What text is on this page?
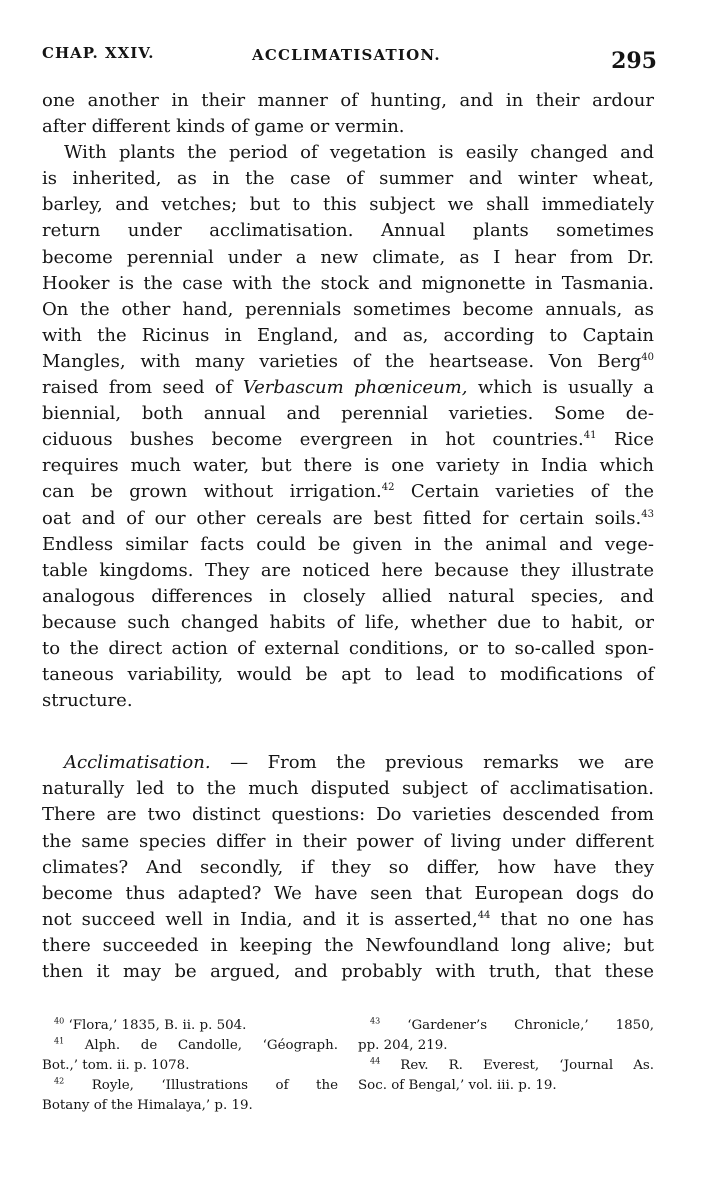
CHAP. XXIV.	ACCLIMATISATION.	295
one another in their manner of hunting, and in their ardour
after different kinds of game or vermin.
With plants the period of vegetation is easily changed and
is inherited, as in the case of summer and winter wheat,
barley, and vetches; but to this subject we shall immediately
return under acclimatisation. Annual plants sometimes
become perennial under a new climate, as I hear from Dr.
Hooker is the case with the stock and mignonette in Tasmania.
On the other hand, perennials sometimes become annuals, as
with the Ricinus in England, and as, according to Captain
Mangles, with many varieties of the heartsease. Von Berg$^{40}$
raised from seed of Verbascum phœniceum, which is usually a
biennial, both annual and perennial varieties. Some de-
ciduous bushes become evergreen in hot countries.$^{41}$ Rice
requires much water, but there is one variety in India which
can be grown without irrigation.$^{42}$ Certain varieties of the
oat and of our other cereals are best fitted for certain soils.$^{43}$
Endless similar facts could be given in the animal and vege-
table kingdoms. They are noticed here because they illustrate
analogous differences in closely allied natural species, and
because such changed habits of life, whether due to habit, or
to the direct action of external conditions, or to so-called spon-
taneous variability, would be apt to lead to modifications of
structure.
Acclimatisation. — From the previous remarks we are
naturally led to the much disputed subject of acclimatisation.
There are two distinct questions: Do varieties descended from
the same species differ in their power of living under different
climates? And secondly, if they so differ, how have they
become thus adapted? We have seen that European dogs do
not succeed well in India, and it is asserted,$^{44}$ that no one has
there succeeded in keeping the Newfoundland long alive; but
then it may be argued, and probably with truth, that these
$^{40}$ ‘Flora,’ 1835, B. ii. p. 504.
$^{41}$ Alph. de Candolle, ‘Géograph.
Bot.,’ tom. ii. p. 1078.
$^{42}$ Royle, ‘Illustrations of the
Botany of the Himalaya,’ p. 19.
$^{43}$ ‘Gardener’s Chronicle,’ 1850,
pp. 204, 219.
$^{44}$ Rev. R. Everest, ‘Journal As.
Soc. of Bengal,’ vol. iii. p. 19.
